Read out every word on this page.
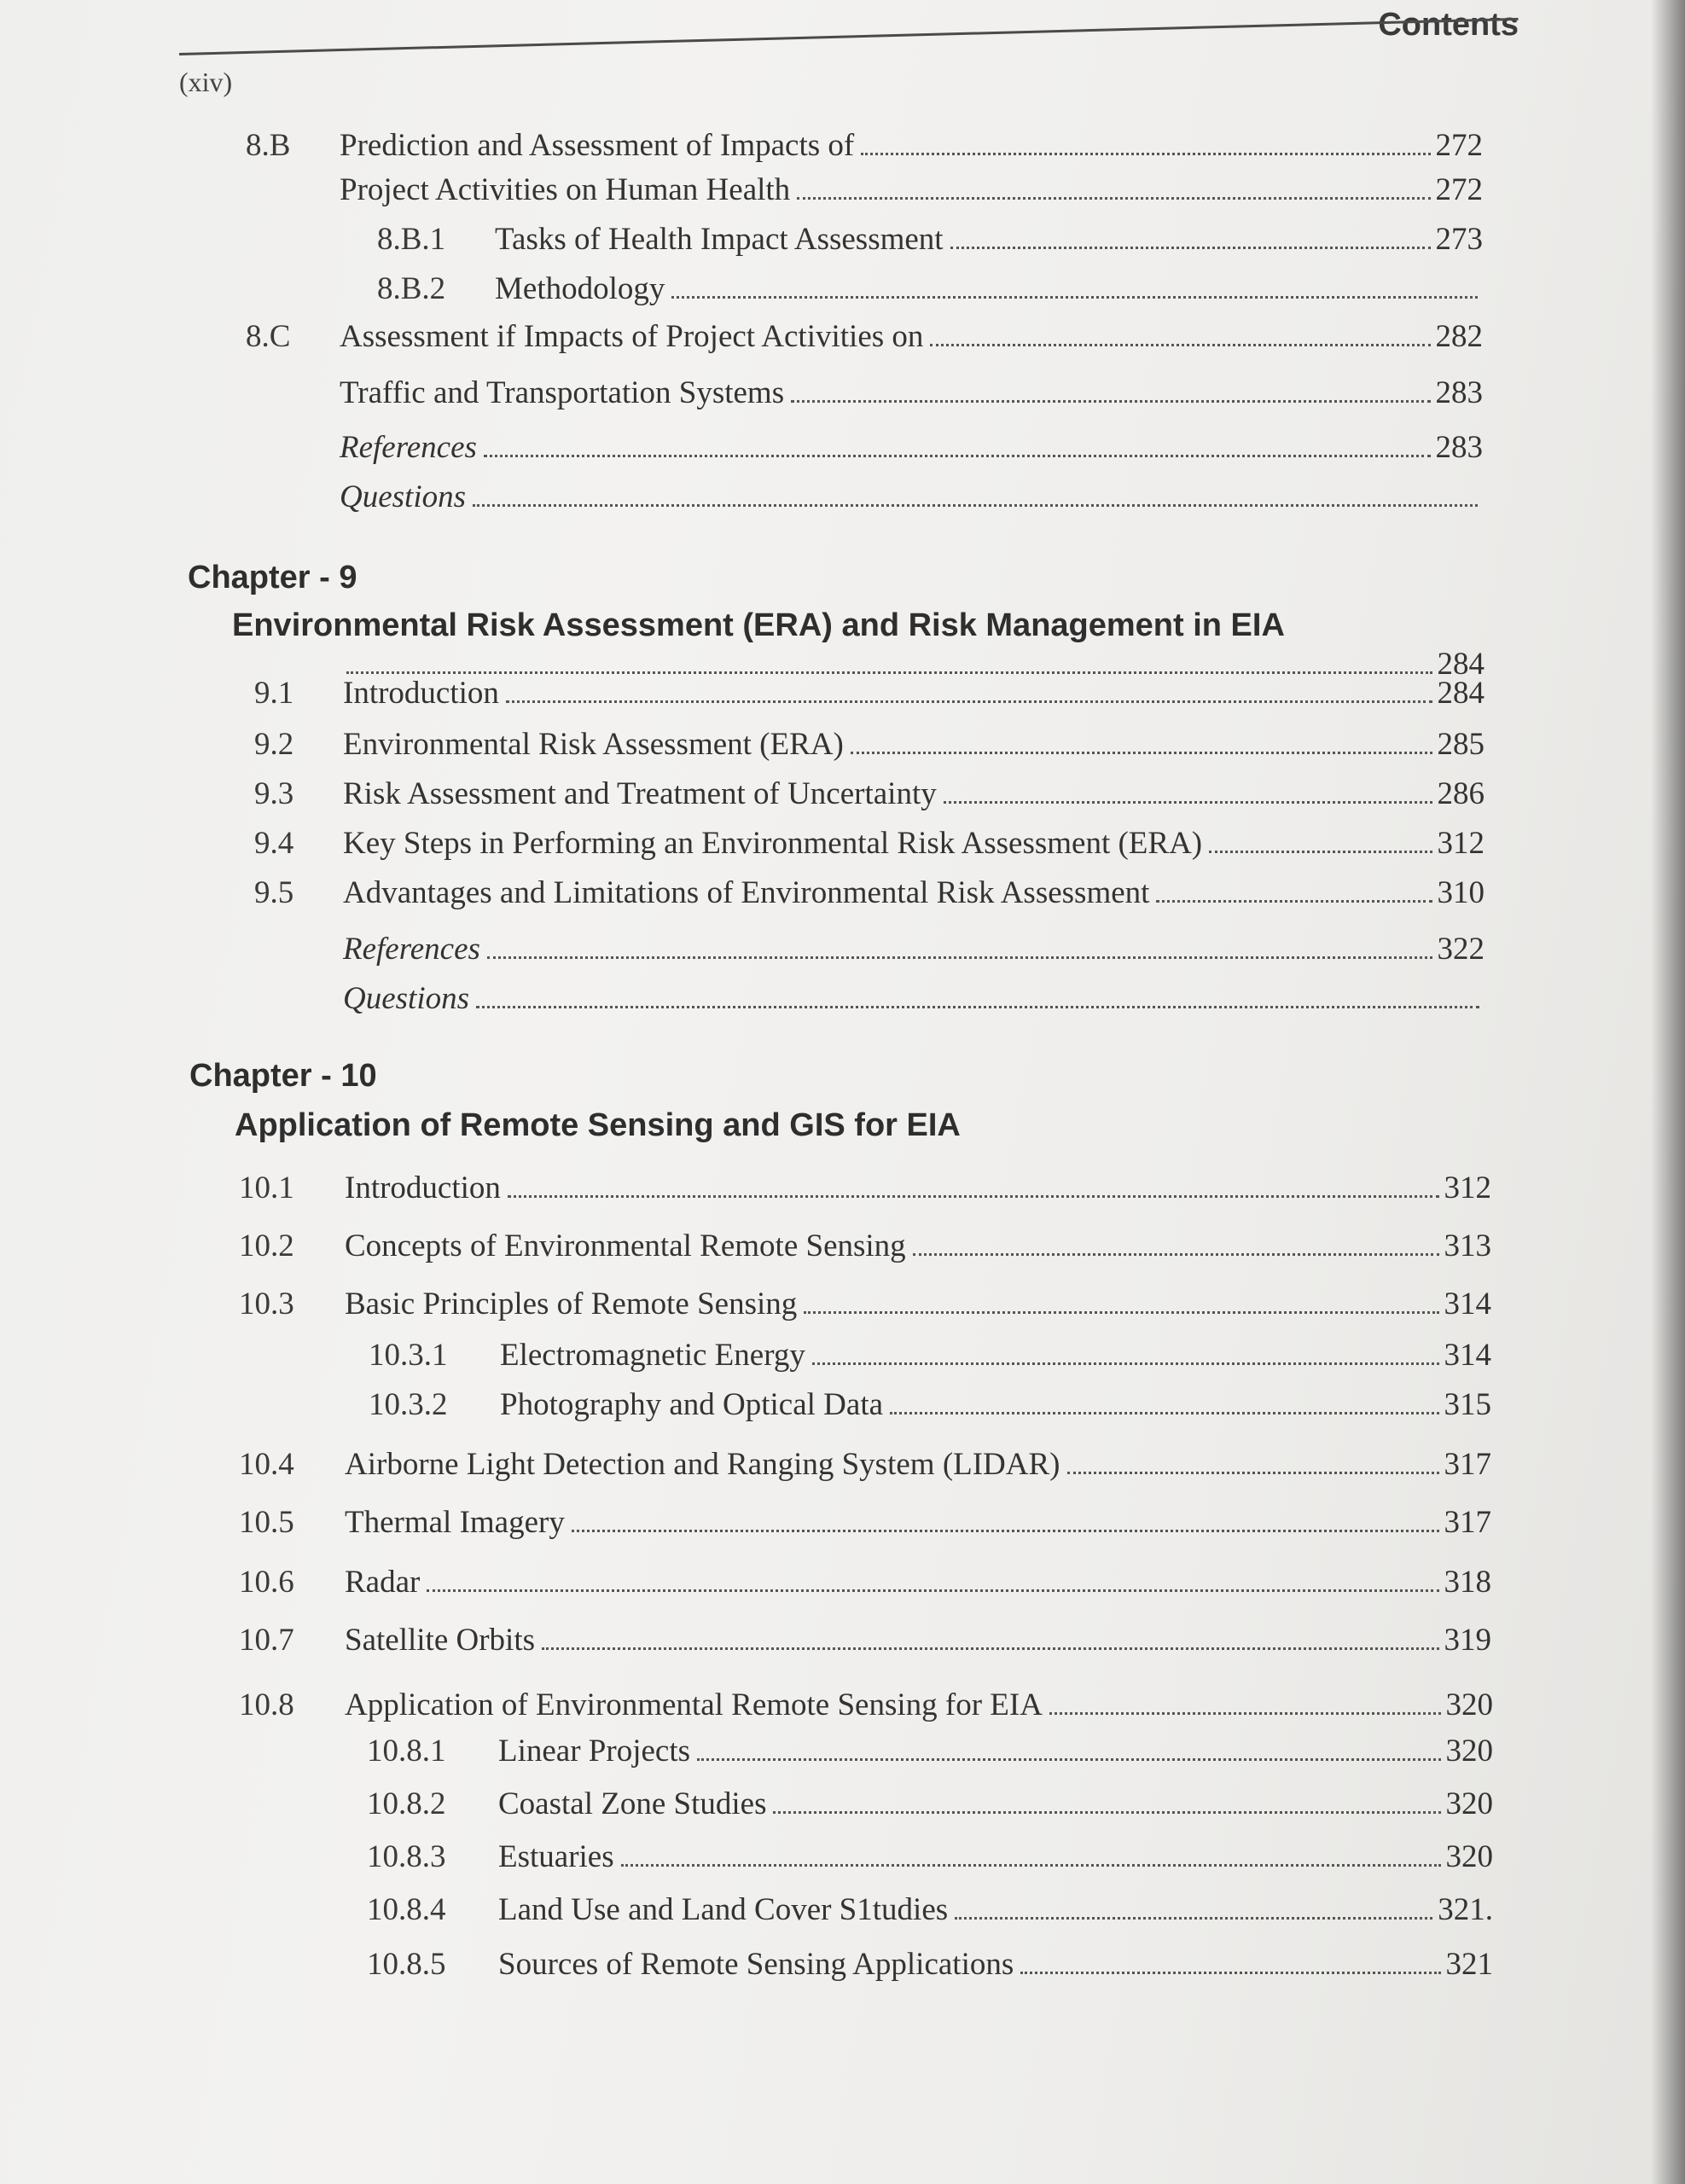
Contents
(xiv)
8.B	Prediction and Assessment of Impacts of	272
Project Activities on Human Health	272
8.B.1	Tasks of Health Impact Assessment	273
8.B.2	Methodology
8.C	Assessment if Impacts of Project Activities on	282
Traffic and Transportation Systems	283
References	283
Questions
Chapter - 9
Environmental Risk Assessment (ERA) and Risk Management in EIA
284
9.1	Introduction	284
9.2	Environmental Risk Assessment (ERA)	285
9.3	Risk Assessment and Treatment of Uncertainty	286
9.4	Key Steps in Performing an Environmental Risk Assessment (ERA)	312
9.5	Advantages and Limitations of Environmental Risk Assessment	310
References	322
Questions
Chapter - 10
Application of Remote Sensing and GIS for EIA
10.1	Introduction	312
10.2	Concepts of Environmental Remote Sensing	313
10.3	Basic Principles of Remote Sensing	314
10.3.1	Electromagnetic Energy	314
10.3.2	Photography and Optical Data	315
10.4	Airborne Light Detection and Ranging System (LIDAR)	317
10.5	Thermal Imagery	317
10.6	Radar	318
10.7	Satellite Orbits	319
10.8	Application of Environmental Remote Sensing for EIA	320
10.8.1	Linear Projects	320
10.8.2	Coastal Zone Studies	320
10.8.3	Estuaries	320
10.8.4	Land Use and Land Cover S1tudies	321.
10.8.5	Sources of Remote Sensing Applications	321
